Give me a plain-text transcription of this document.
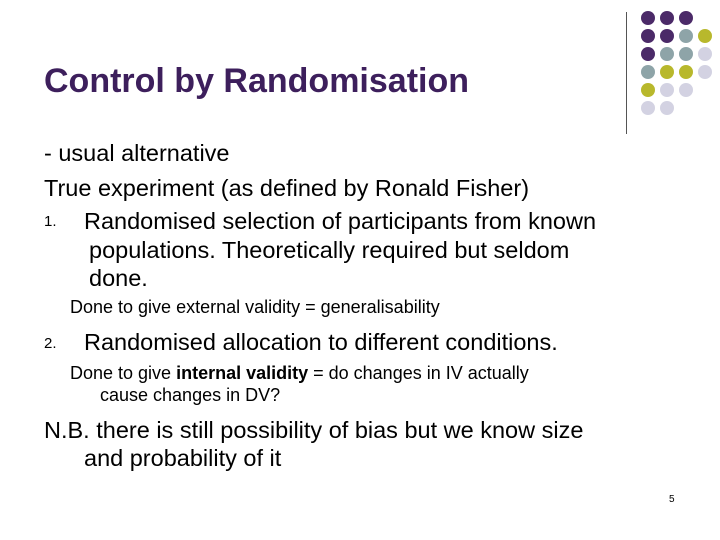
Control by Randomisation

- usual alternative

True experiment (as defined by Ronald Fisher)

1. Randomised selection of participants from known

populations. Theoretically required but seldom

done.

Done to give external validity = generalisability

2. Randomised allocation to different conditions.

Done to give internal validity = do changes in IV actually

cause changes in DV?

N.B. there is still possibility of bias but we know size

and probability of it

5
